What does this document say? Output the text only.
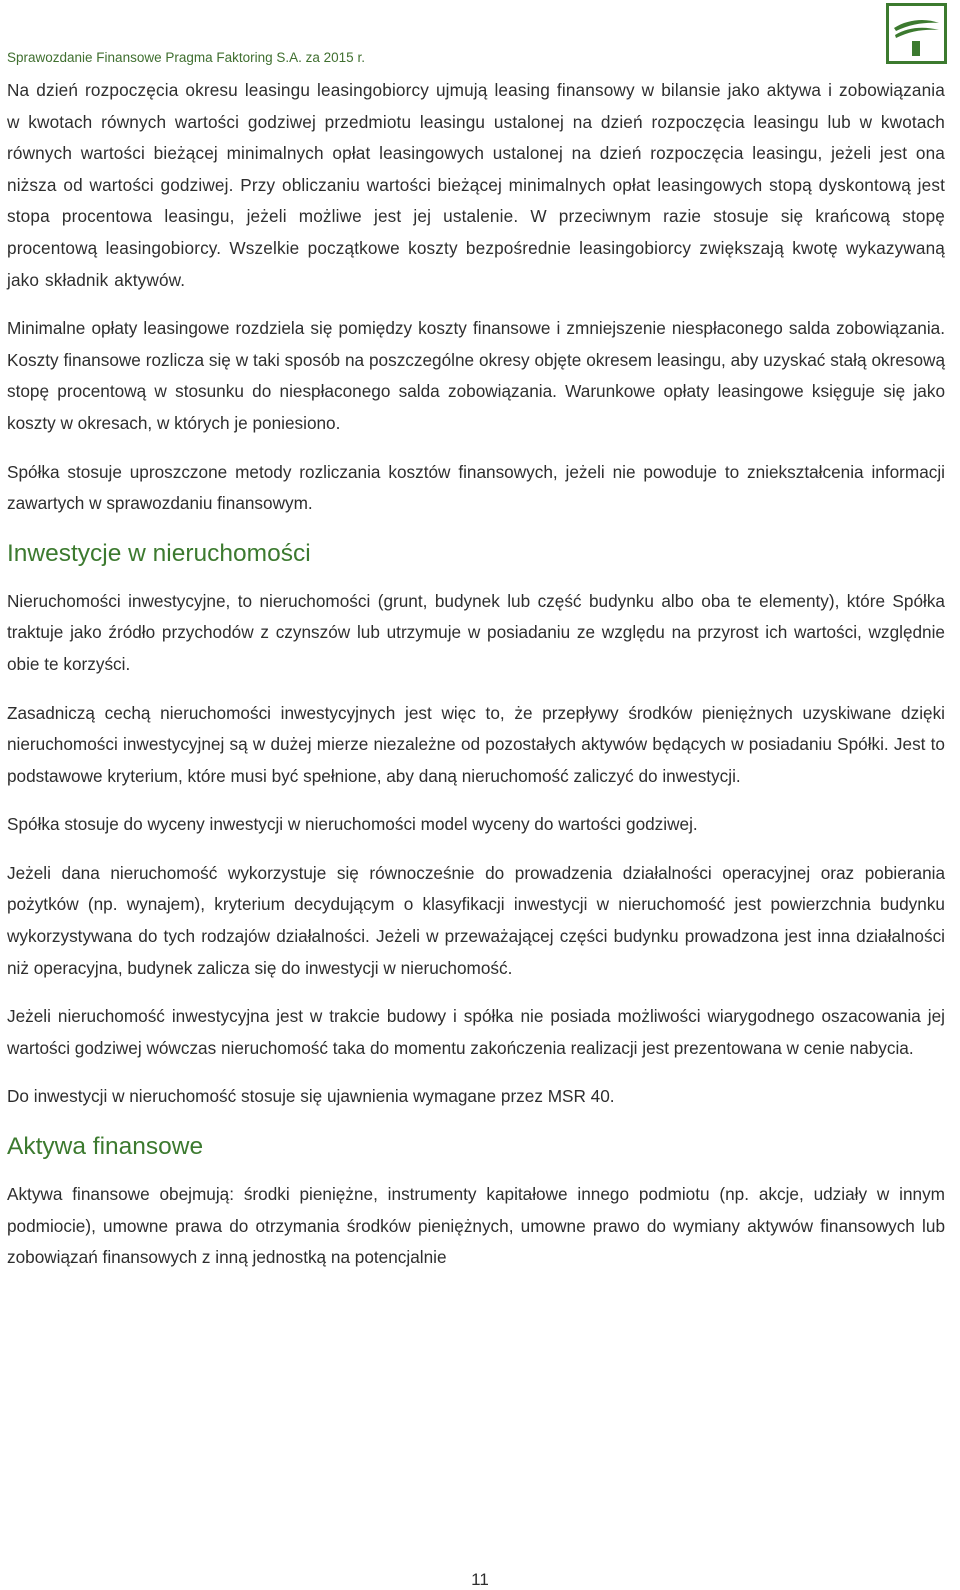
Sprawozdanie Finansowe Pragma Faktoring S.A. za 2015 r.

Na dzień rozpoczęcia okresu leasingu leasingobiorcy ujmują leasing finansowy w bilansie jako aktywa i zobowiązania w kwotach równych wartości godziwej przedmiotu leasingu ustalonej na dzień rozpoczęcia leasingu lub w kwotach równych wartości bieżącej minimalnych opłat leasingowych ustalonej na dzień rozpoczęcia leasingu, jeżeli jest ona niższa od wartości godziwej. Przy obliczaniu wartości bieżącej minimalnych opłat leasingowych stopą dyskontową jest stopa procentowa leasingu, jeżeli możliwe jest jej ustalenie. W przeciwnym razie stosuje się krańcową stopę procentową leasingobiorcy. Wszelkie początkowe koszty bezpośrednie leasingobiorcy zwiększają kwotę wykazywaną jako składnik aktywów.

Minimalne opłaty leasingowe rozdziela się pomiędzy koszty finansowe i zmniejszenie niespłaconego salda zobowiązania. Koszty finansowe rozlicza się w taki sposób na poszczególne okresy objęte okresem leasingu, aby uzyskać stałą okresową stopę procentową w stosunku do niespłaconego salda zobowiązania. Warunkowe opłaty leasingowe księguje się jako koszty w okresach, w których je poniesiono.

Spółka stosuje uproszczone metody rozliczania kosztów finansowych, jeżeli nie powoduje to zniekształcenia informacji zawartych w sprawozdaniu finansowym.

Inwestycje w nieruchomości

Nieruchomości inwestycyjne, to nieruchomości (grunt, budynek lub część budynku albo oba te elementy), które Spółka traktuje jako źródło przychodów z czynszów lub utrzymuje w posiadaniu ze względu na przyrost ich wartości, względnie obie te korzyści.

Zasadniczą cechą nieruchomości inwestycyjnych jest więc to, że przepływy środków pieniężnych uzyskiwane dzięki nieruchomości inwestycyjnej są w dużej mierze niezależne od pozostałych aktywów będących w posiadaniu Spółki. Jest to podstawowe kryterium, które musi być spełnione, aby daną nieruchomość zaliczyć do inwestycji.

Spółka stosuje do wyceny inwestycji w nieruchomości model wyceny do wartości godziwej.

Jeżeli dana nieruchomość wykorzystuje się równocześnie do prowadzenia działalności operacyjnej oraz pobierania pożytków (np. wynajem), kryterium decydującym o klasyfikacji inwestycji w nieruchomość jest powierzchnia budynku wykorzystywana do tych rodzajów działalności. Jeżeli w przeważającej części budynku prowadzona jest inna działalności niż operacyjna, budynek zalicza się do inwestycji w nieruchomość.

Jeżeli nieruchomość inwestycyjna jest w trakcie budowy i spółka nie posiada możliwości wiarygodnego oszacowania jej wartości godziwej wówczas nieruchomość taka do momentu zakończenia realizacji jest prezentowana w cenie nabycia.

Do inwestycji w nieruchomość stosuje się ujawnienia wymagane przez MSR 40.

Aktywa finansowe

Aktywa finansowe obejmują: środki pieniężne, instrumenty kapitałowe innego podmiotu (np. akcje, udziały w innym podmiocie), umowne prawa do otrzymania środków pieniężnych, umowne prawo do wymiany aktywów finansowych lub zobowiązań finansowych z inną jednostką na potencjalnie

11
